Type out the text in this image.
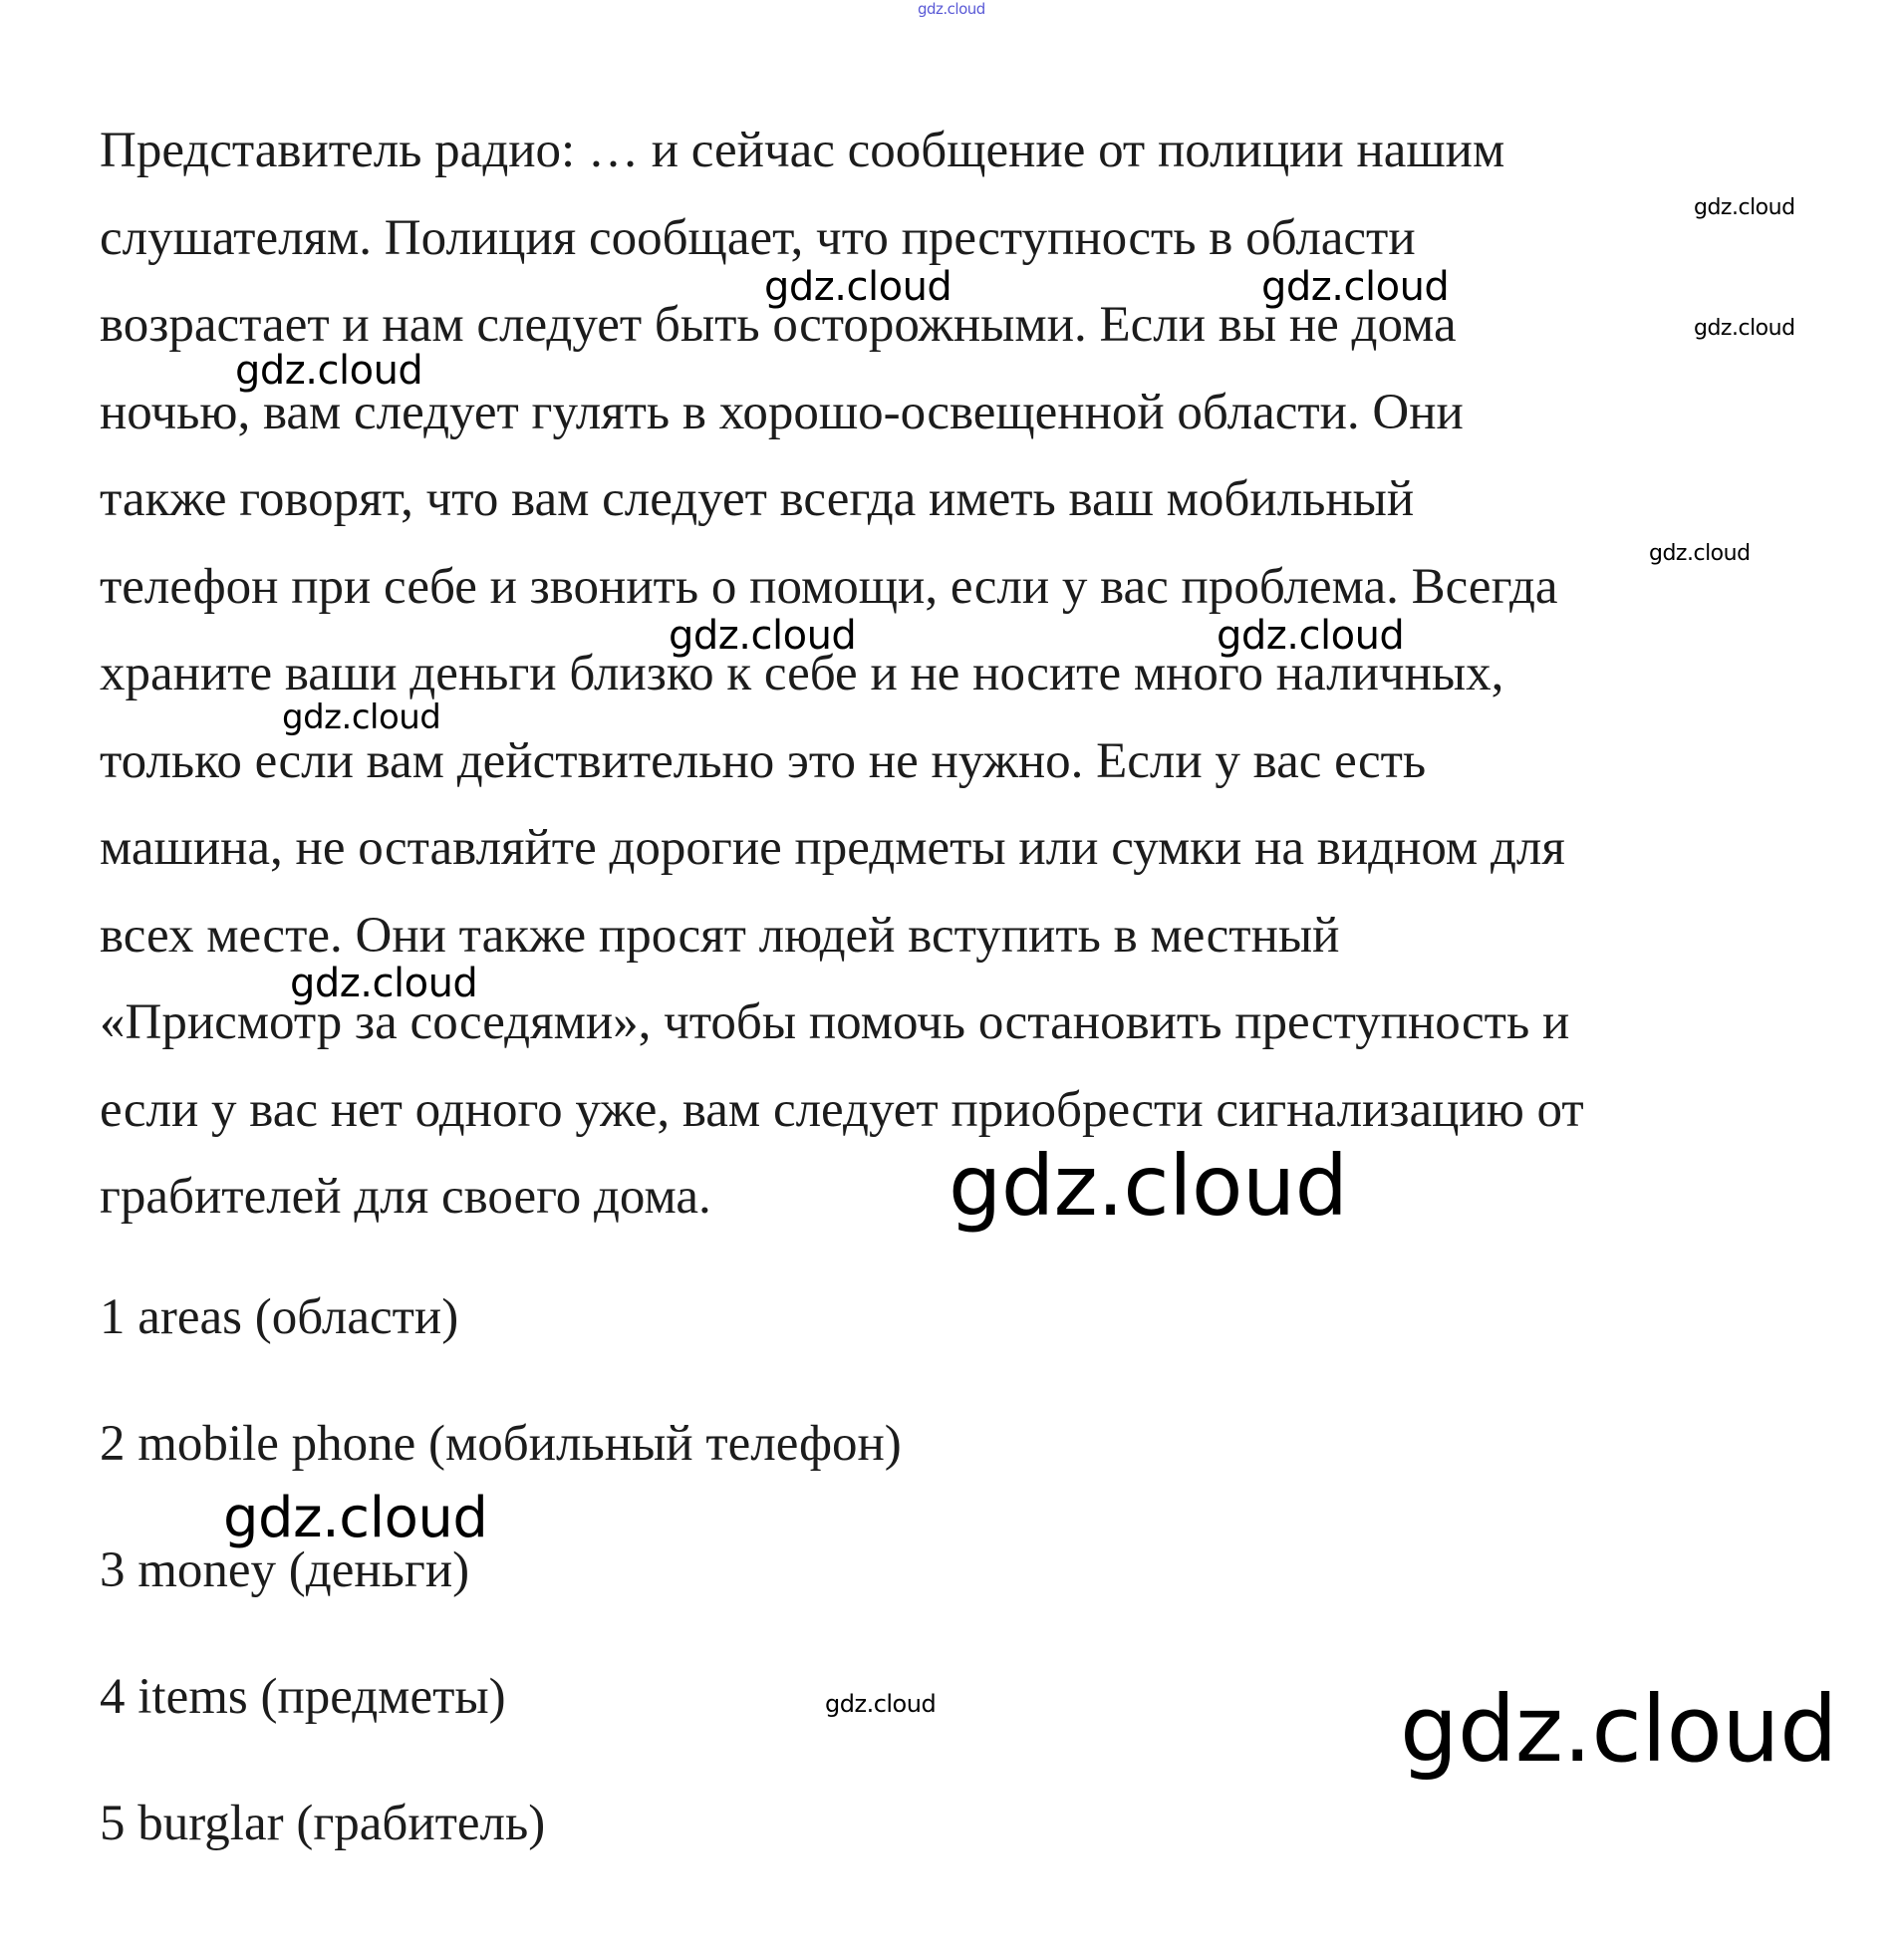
Представитель радио: … и сейчас сообщение от полиции нашим
слушателям. Полиция сообщает, что преступность в области
возрастает и нам следует быть осторожными. Если вы не дома
ночью, вам следует гулять в хорошо-освещенной области. Они
также говорят, что вам следует всегда иметь ваш мобильный
телефон при себе и звонить о помощи, если у вас проблема. Всегда
храните ваши деньги близко к себе и не носите много наличных,
только если вам действительно это не нужно. Если у вас есть
машина, не оставляйте дорогие предметы или сумки на видном для
всех месте. Они также просят людей вступить в местный
«Присмотр за соседями», чтобы помочь остановить преступность и
если у вас нет одного уже, вам следует приобрести сигнализацию от
грабителей для своего дома.
1 areas (области)
2 mobile phone (мобильный телефон)
3 money (деньги)
4 items (предметы)
5 burglar (грабитель)
gdz.cloud
gdz.cloud
gdz.cloud
gdz.cloud	gdz.cloud
gdz.cloud
gdz.cloud
gdz.cloud	gdz.cloud
gdz.cloud
gdz.cloud
gdz.cloud
gdz.cloud
gdz.cloud	gdz.cloud
